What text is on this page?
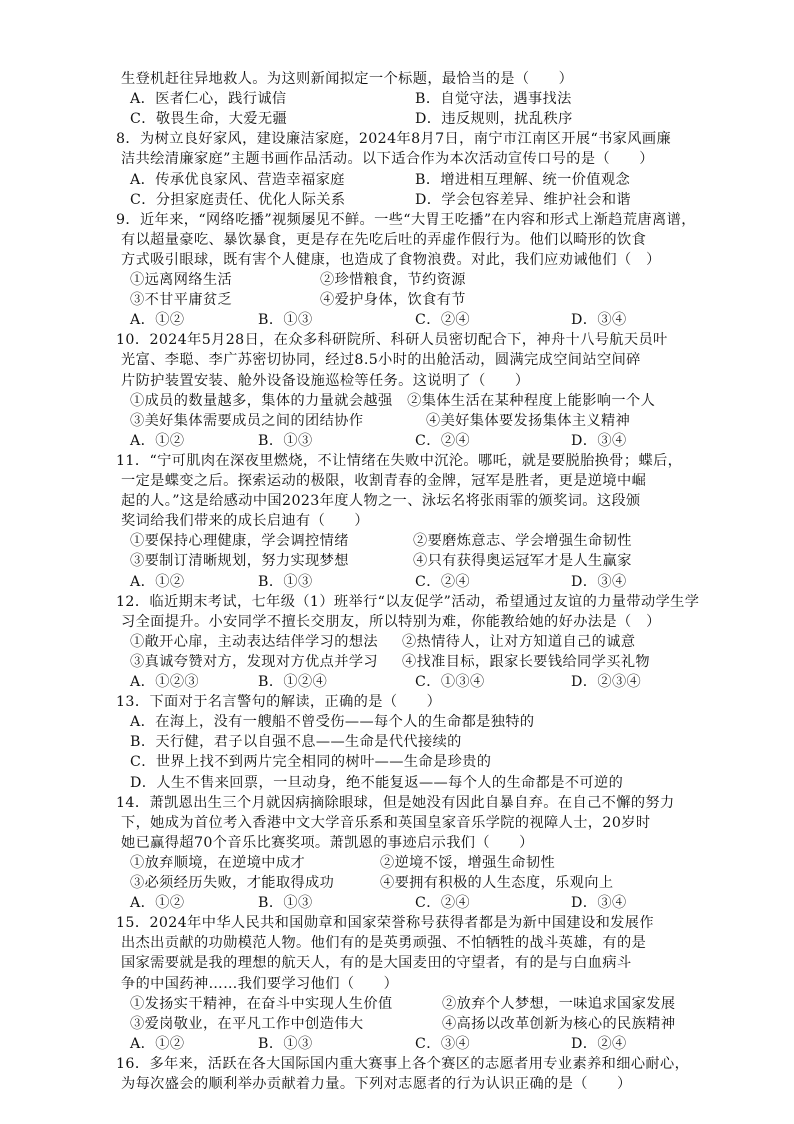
生登机赶往异地救人。为这则新闻拟定一个标题，最恰当的是（　　）
A．医者仁心，践行诚信	B．自觉守法，遇事找法
C．敬畏生命，大爱无疆	D．违反规则，扰乱秩序
8．为树立良好家风，建设廉洁家庭，2024年8月7日，南宁市江南区开展“书家风画廉
洁共绘清廉家庭”主题书画作品活动。以下适合作为本次活动宣传口号的是（　　）
A．传承优良家风、营造幸福家庭	B．增进相互理解、统一价值观念
C．分担家庭责任、优化人际关系	D．学会包容差异、维护社会和谐
9．近年来，“网络吃播”视频屡见不鲜。一些“大胃王吃播”在内容和形式上渐趋荒唐离谱，
有以超量豪吃、暴饮暴食，更是存在先吃后吐的弄虚作假行为。他们以畸形的饮食
方式吸引眼球，既有害个人健康，也造成了食物浪费。对此，我们应劝诫他们（　）
①远离网络生活	②珍惜粮食，节约资源
③不甘平庸贫乏	④爱护身体，饮食有节
A．①②	B．①③	C．②④	D．③④
10．2024年5月28日，在众多科研院所、科研人员密切配合下，神舟十八号航天员叶
光富、李聪、李广苏密切协同，经过8.5小时的出舱活动，圆满完成空间站空间碎
片防护装置安装、舱外设备设施巡检等任务。这说明了（　　）
①成员的数量越多，集体的力量就会越强　②集体生活在某种程度上能影响一个人
③美好集体需要成员之间的团结协作	④美好集体要发扬集体主义精神
A．①②	B．①③	C．②④	D．③④
11．“宁可肌肉在深夜里燃烧，不让情绪在失败中沉沦。哪吒，就是要脱胎换骨；蝶后，
一定是蝶变之后。探索运动的极限，收割青春的金牌，冠军是胜者，更是逆境中崛
起的人。”这是给感动中国2023年度人物之一、泳坛名将张雨霏的颁奖词。这段颁
奖词给我们带来的成长启迪有（　　）
①要保持心理健康，学会调控情绪	②要磨炼意志、学会增强生命韧性
③要制订清晰规划，努力实现梦想	④只有获得奥运冠军才是人生赢家
A．①②	B．①③	C．②④	D．③④
12．临近期末考试，七年级（1）班举行“以友促学”活动，希望通过友谊的力量带动学生学
习全面提升。小安同学不擅长交朋友，所以特别为难，你能教给她的好办法是（　）
①敞开心扉，主动表达结伴学习的想法 ②热情待人，让对方知道自己的诚意
③真诚夸赞对方，发现对方优点并学习 ④找准目标，跟家长要钱给同学买礼物
A．①②③	B．①②④	C．①③④	D．②③④
13．下面对于名言警句的解读，正确的是（　　）
A．在海上，没有一艘船不曾受伤——每个人的生命都是独特的
B．天行健，君子以自强不息——生命是代代接续的
C．世界上找不到两片完全相同的树叶——生命是珍贵的
D．人生不售来回票，一旦动身，绝不能复返——每个人的生命都是不可逆的
14．萧凯恩出生三个月就因病摘除眼球，但是她没有因此自暴自弃。在自己不懈的努力
下，她成为首位考入香港中文大学音乐系和英国皇家音乐学院的视障人士，20岁时
她已赢得超70个音乐比赛奖项。萧凯恩的事迹启示我们（　　）
①放弃顺境，在逆境中成才	②逆境不馁，增强生命韧性
③必须经历失败，才能取得成功	④要拥有积极的人生态度，乐观向上
A．①②	B．①③	C．②④	D．③④
15．2024年中华人民共和国勋章和国家荣誉称号获得者都是为新中国建设和发展作
出杰出贡献的功勋模范人物。他们有的是英勇顽强、不怕牺牲的战斗英雄，有的是
国家需要就是我的理想的航天人，有的是大国麦田的守望者，有的是与白血病斗
争的中国药神……我们要学习他们（　　）
①发扬实干精神，在奋斗中实现人生价值	②放弃个人梦想，一味追求国家发展
③爱岗敬业，在平凡工作中创造伟大	④高扬以改革创新为核心的民族精神
A．①②	B．①③	C．③④	D．②④
16．多年来，活跃在各大国际国内重大赛事上各个赛区的志愿者用专业素养和细心耐心，
为每次盛会的顺利举办贡献着力量。下列对志愿者的行为认识正确的是（　　）
